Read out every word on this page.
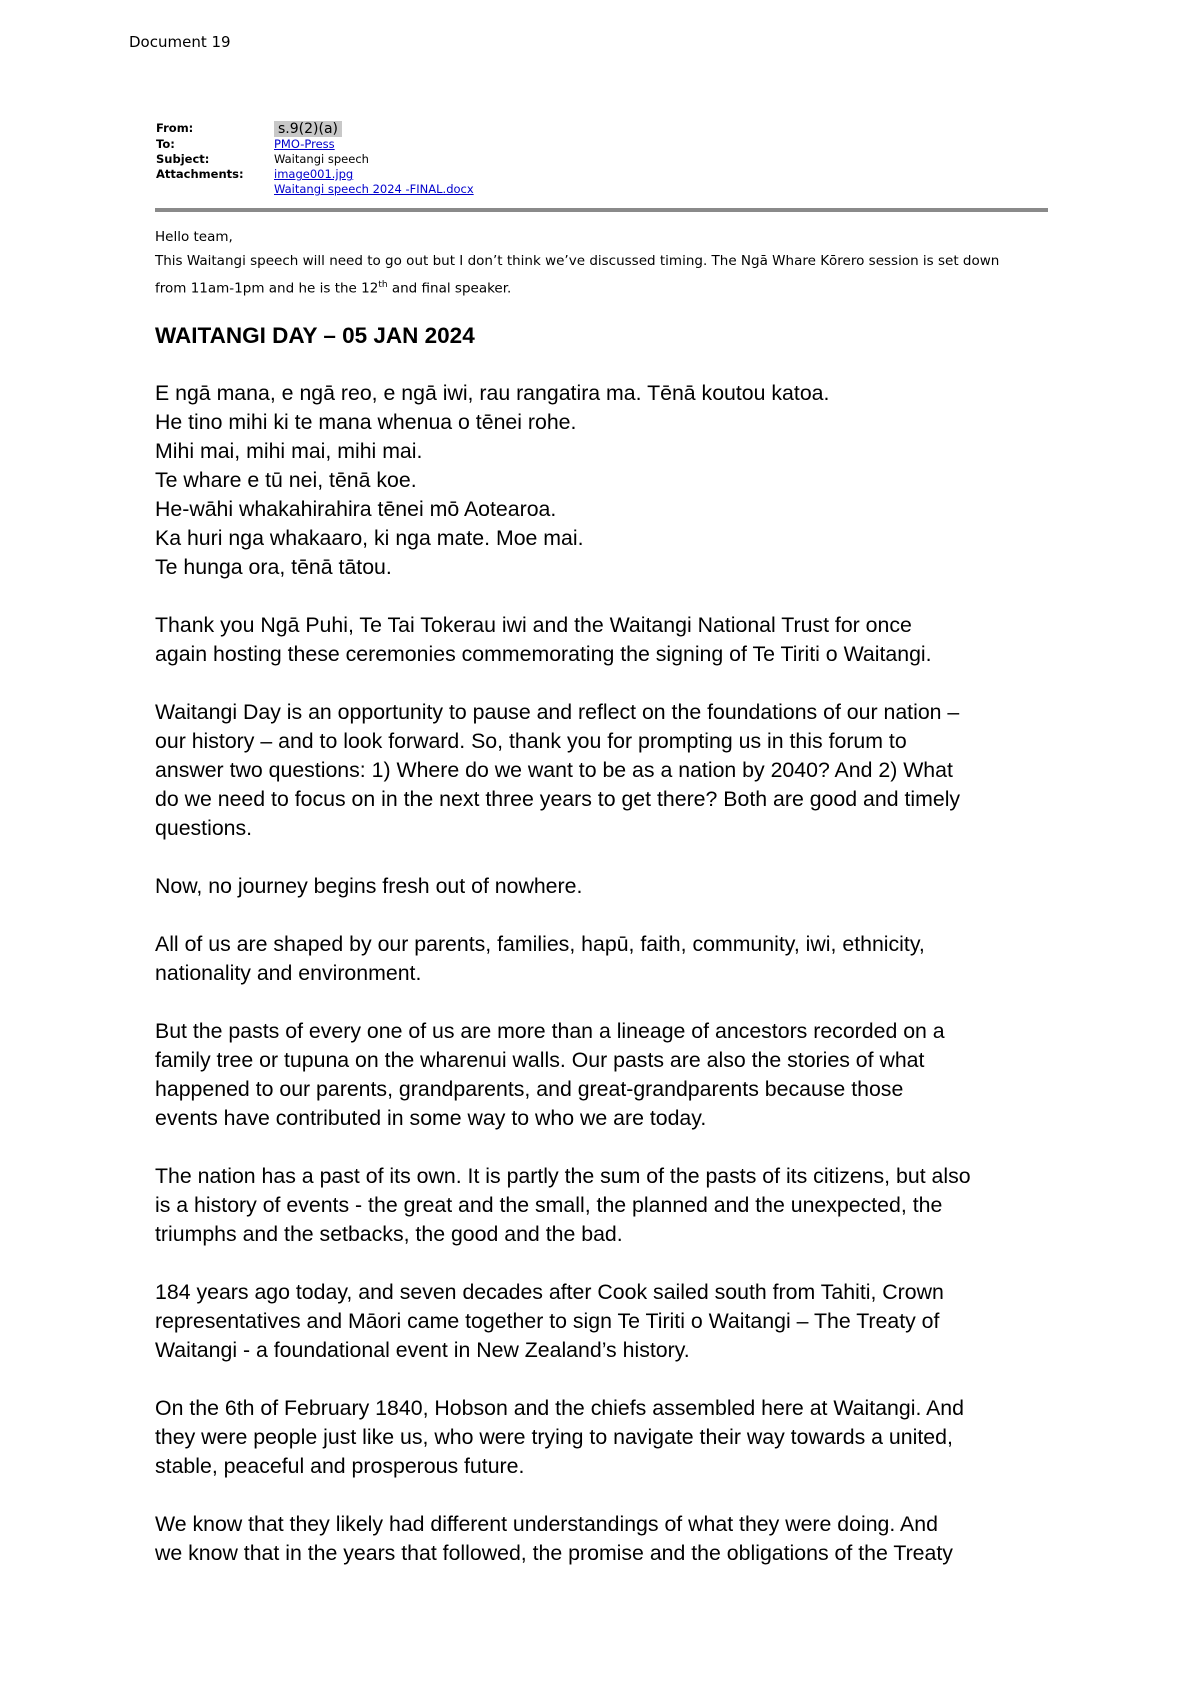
Document 19
From:	s.9(2)(a)
To:	PMO-Press
Subject:	Waitangi speech
Attachments:	image001.jpg
Waitangi speech 2024 -FINAL.docx

Hello team,

This Waitangi speech will need to go out but I don’t think we’ve discussed timing. The Ngā Whare Kōrero session is set down

from 11am-1pm and he is the 12th and final speaker.

WAITANGI DAY – 05 JAN 2024

E ngā mana, e ngā reo, e ngā iwi, rau rangatira ma. Tēnā koutou katoa.
He tino mihi ki te mana whenua o tēnei rohe.
Mihi mai, mihi mai, mihi mai.
Te whare e tū nei, tēnā koe.
He-wāhi whakahirahira tēnei mō Aotearoa.
Ka huri nga whakaaro, ki nga mate. Moe mai.
Te hunga ora, tēnā tātou.

Thank you Ngā Puhi, Te Tai Tokerau iwi and the Waitangi National Trust for once
again hosting these ceremonies commemorating the signing of Te Tiriti o Waitangi.

Waitangi Day is an opportunity to pause and reflect on the foundations of our nation –
our history – and to look forward. So, thank you for prompting us in this forum to
answer two questions: 1) Where do we want to be as a nation by 2040? And 2) What
do we need to focus on in the next three years to get there? Both are good and timely
questions.

Now, no journey begins fresh out of nowhere.

All of us are shaped by our parents, families, hapū, faith, community, iwi, ethnicity,
nationality and environment.

But the pasts of every one of us are more than a lineage of ancestors recorded on a
family tree or tupuna on the wharenui walls. Our pasts are also the stories of what
happened to our parents, grandparents, and great-grandparents because those
events have contributed in some way to who we are today.

The nation has a past of its own. It is partly the sum of the pasts of its citizens, but also
is a history of events - the great and the small, the planned and the unexpected, the
triumphs and the setbacks, the good and the bad.

184 years ago today, and seven decades after Cook sailed south from Tahiti, Crown
representatives and Māori came together to sign Te Tiriti o Waitangi – The Treaty of
Waitangi - a foundational event in New Zealand’s history.

On the 6th of February 1840, Hobson and the chiefs assembled here at Waitangi. And
they were people just like us, who were trying to navigate their way towards a united,
stable, peaceful and prosperous future.

We know that they likely had different understandings of what they were doing. And
we know that in the years that followed, the promise and the obligations of the Treaty
